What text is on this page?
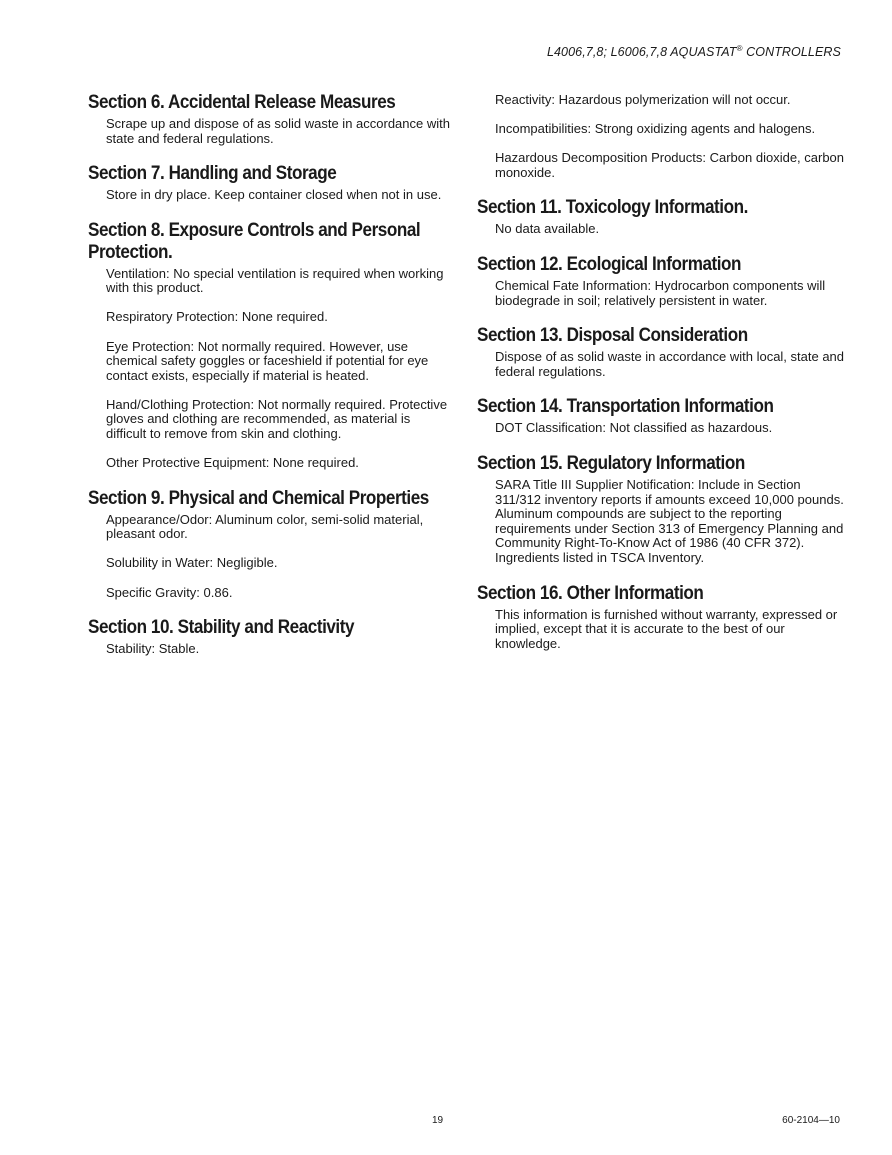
L4006,7,8; L6006,7,8 AQUASTAT® CONTROLLERS
Section 6. Accidental Release Measures

Scrape up and dispose of as solid waste in accordance with state and federal regulations.

Section 7. Handling and Storage

Store in dry place. Keep container closed when not in use.

Section 8. Exposure Controls and Personal Protection.

Ventilation: No special ventilation is required when working with this product.

Respiratory Protection: None required.

Eye Protection: Not normally required. However, use chemical safety goggles or faceshield if potential for eye contact exists, especially if material is heated.

Hand/Clothing Protection: Not normally required. Protective gloves and clothing are recommended, as material is difficult to remove from skin and clothing.

Other Protective Equipment: None required.

Section 9. Physical and Chemical Properties

Appearance/Odor: Aluminum color, semi-solid material, pleasant odor.

Solubility in Water: Negligible.

Specific Gravity: 0.86.

Section 10. Stability and Reactivity

Stability: Stable.

Reactivity: Hazardous polymerization will not occur.

Incompatibilities: Strong oxidizing agents and halogens.

Hazardous Decomposition Products: Carbon dioxide, carbon monoxide.

Section 11. Toxicology Information.

No data available.

Section 12. Ecological Information

Chemical Fate Information: Hydrocarbon components will biodegrade in soil; relatively persistent in water.

Section 13. Disposal Consideration

Dispose of as solid waste in accordance with local, state and federal regulations.

Section 14. Transportation Information

DOT Classification: Not classified as hazardous.

Section 15. Regulatory Information

SARA Title III Supplier Notification: Include in Section 311/312 inventory reports if amounts exceed 10,000 pounds. Aluminum compounds are subject to the reporting requirements under Section 313 of Emergency Planning and Community Right-To-Know Act of 1986 (40 CFR 372). Ingredients listed in TSCA Inventory.

Section 16. Other Information

This information is furnished without warranty, expressed or implied, except that it is accurate to the best of our knowledge.

19	60-2104—10
